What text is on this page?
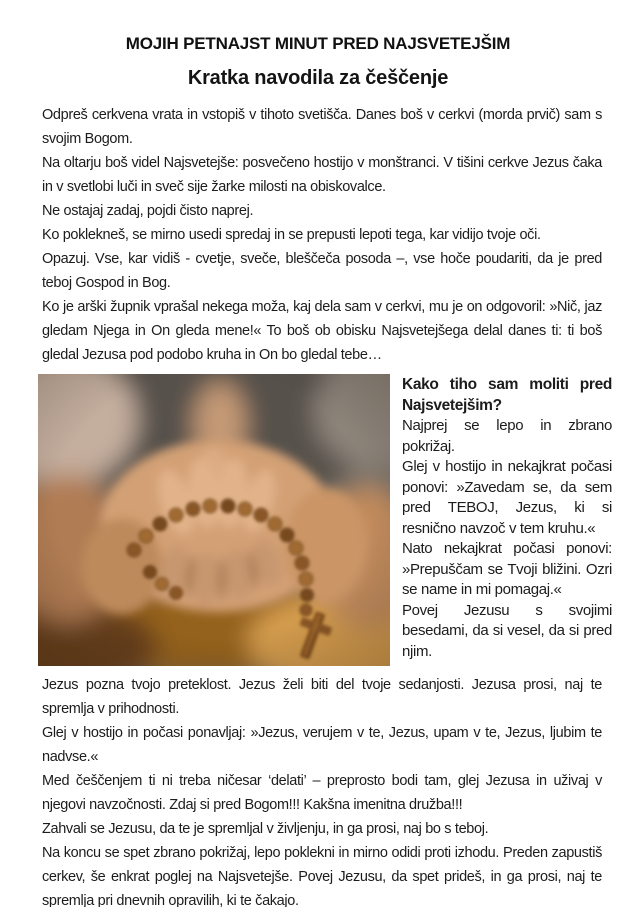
MOJIH PETNAJST MINUT PRED NAJSVETEJŠIM
Kratka navodila za češčenje

Odpreš cerkvena vrata in vstopiš v tihoto svetišča. Danes boš v cerkvi (morda prvič) sam s svojim Bogom.

Na oltarju boš videl Najsvetejše: posvečeno hostijo v monštranci. V tišini cerkve Jezus čaka in v svetlobi luči in sveč sije žarke milosti na obiskovalce.

Ne ostajaj zadaj, pojdi čisto naprej.

Ko poklekneš, se mirno usedi spredaj in se prepusti lepoti tega, kar vidijo tvoje oči.

Opazuj. Vse, kar vidiš - cvetje, sveče, bleščeča posoda –, vse hoče poudariti, da je pred teboj Gospod in Bog.

Ko je arški župnik vprašal nekega moža, kaj dela sam v cerkvi, mu je on odgovoril: »Nič, jaz gledam Njega in On gleda mene!« To boš ob obisku Najsvetejšega delal danes ti: ti boš gledal Jezusa pod podobo kruha in On bo gledal tebe…

Kako tiho sam moliti pred Najsvetejšim?

Najprej se lepo in zbrano pokrižaj.

Glej v hostijo in nekajkrat počasi ponovi: »Zavedam se, da sem pred TEBOJ, Jezus, ki si resnično navzoč v tem kruhu.«

Nato nekajkrat počasi ponovi: »Prepuščam se Tvoji bližini. Ozri se name in mi pomagaj.«

Povej Jezusu s svojimi besedami, da si vesel, da si pred njim.

Jezus pozna tvojo preteklost. Jezus želi biti del tvoje sedanjosti. Jezusa prosi, naj te spremlja v prihodnosti.

Glej v hostijo in počasi ponavljaj: »Jezus, verujem v te, Jezus, upam v te, Jezus, ljubim te nadvse.«

Med češčenjem ti ni treba ničesar ‘delati’ – preprosto bodi tam, glej Jezusa in uživaj v njegovi navzočnosti. Zdaj si pred Bogom!!! Kakšna imenitna družba!!!

Zahvali se Jezusu, da te je spremljal v življenju, in ga prosi, naj bo s teboj.

Na koncu se spet zbrano pokrižaj, lepo poklekni in mirno odidi proti izhodu. Preden zapustiš cerkev, še enkrat poglej na Najsvetejše. Povej Jezusu, da spet prideš, in ga prosi, naj te spremlja pri dnevnih opravilih, ki te čakajo.
